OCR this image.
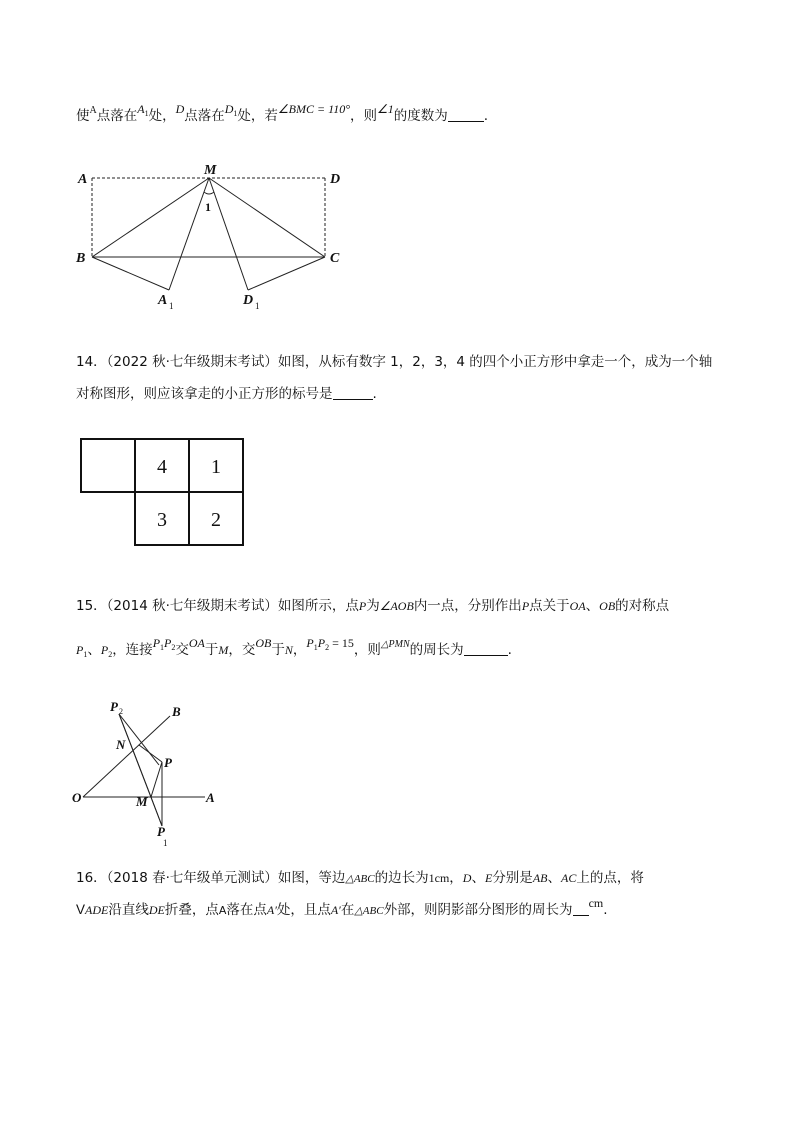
使$^A$点落在$A_1$处，D点落在$D_1$处，若∠BMC = 110°，则∠1的度数为	.
A
M
D
B	C
A	D
1
1	1
14．（2022 秋·七年级期末考试）如图，从标有数字 1，2，3，4 的四个小正方形中拿走一个，成为一个轴
对称图形，则应该拿走的小正方形的标号是	.
4 1
3 2
15．（2014 秋·七年级期末考试）如图所示，点P为∠AOB内一点，分别作出P点关于OA、OB的对称点
$P_1$、$P_2$，连接$P_1P_2$交OA于M，交OB于N，$P_1P_2 = 15$，则$^{\triangle PMN}$的周长为	.
P	B
N
P
O	M	A
P
2
1
16．（2018 春·七年级单元测试）如图，等边△ABC的边长为1cm，D、E分别是AB、AC上的点，将
VADE沿直线DE折叠，点A落在点A′处，且点A′在△ABC外部，则阴影部分图形的周长为 cm.
